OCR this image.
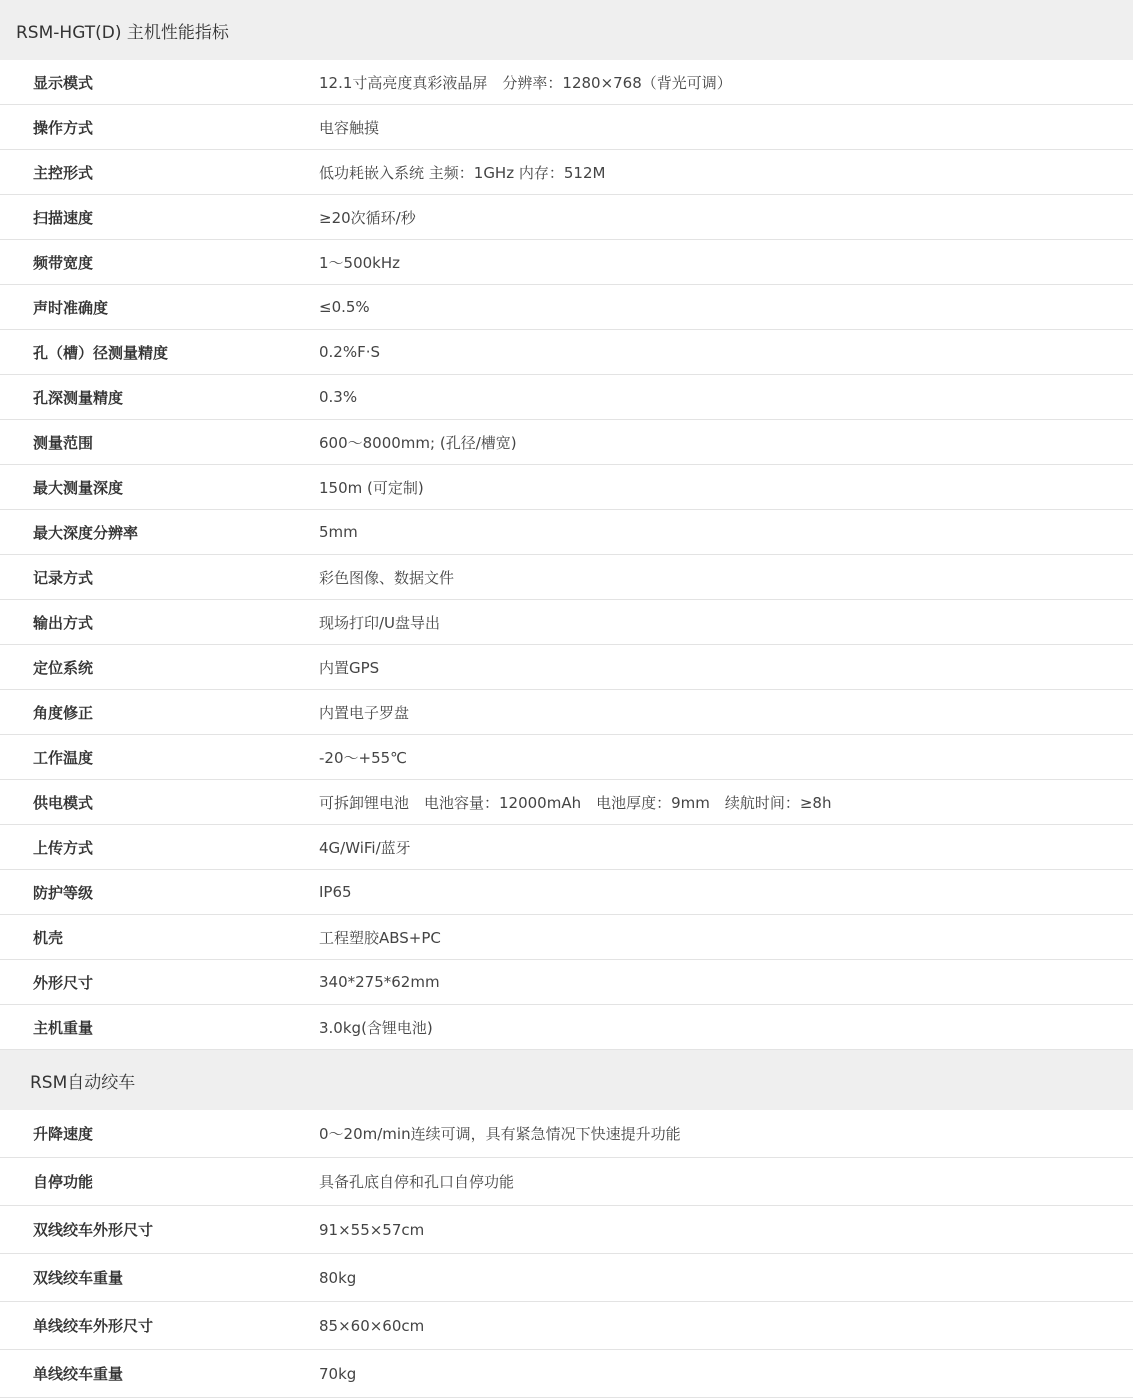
RSM-HGT(D) 主机性能指标	

显示模式	12.1寸高亮度真彩液晶屏　分辨率：1280×768（背光可调）
操作方式	电容触摸
主控形式	低功耗嵌入系统 主频：1GHz 内存：512M
扫描速度	≥20次循环/秒
频带宽度	1～500kHz
声时准确度	≤0.5%
孔（槽）径测量精度	0.2%F·S
孔深测量精度	0.3%
测量范围	600～8000mm; (孔径/槽宽)
最大测量深度	150m (可定制)
最大深度分辨率	5mm
记录方式	彩色图像、数据文件
输出方式	现场打印/U盘导出
定位系统	内置GPS
角度修正	内置电子罗盘
工作温度	-20～+55℃
供电模式	可拆卸锂电池　电池容量：12000mAh　电池厚度：9mm　续航时间：≥8h
上传方式	4G/WiFi/蓝牙
防护等级	IP65
机壳	工程塑胶ABS+PC
外形尺寸	340*275*62mm
主机重量	3.0kg(含锂电池)

RSM自动绞车	

升降速度	0～20m/min连续可调，具有紧急情况下快速提升功能
自停功能	具备孔底自停和孔口自停功能
双线绞车外形尺寸	91×55×57cm
双线绞车重量	80kg
单线绞车外形尺寸	85×60×60cm
单线绞车重量	70kg
